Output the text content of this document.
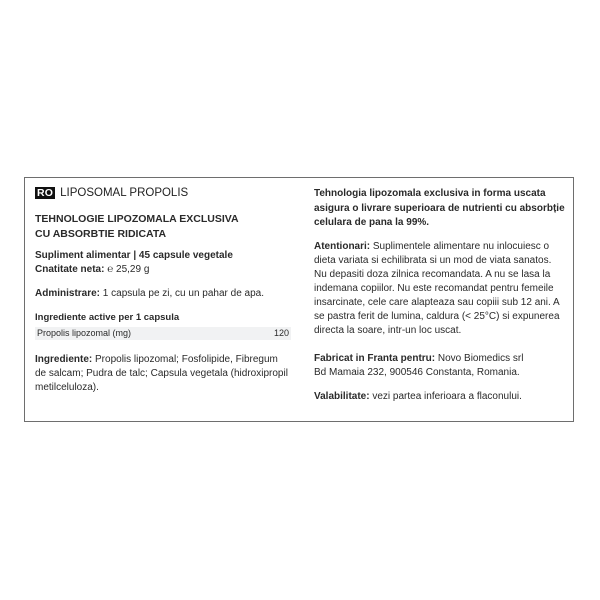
RO LIPOSOMAL PROPOLIS
TEHNOLOGIE LIPOZOMALA EXCLUSIVA
CU ABSORBTIE RIDICATA

Supliment alimentar | 45 capsule vegetale

Cnatitate neta: ℮ 25,29 g

Administrare: 1 capsula pe zi, cu un pahar de apa.

Ingrediente active per 1 capsula
Propolis lipozomal (mg)	120

Ingrediente: Propolis lipozomal; Fosfolipide, Fibregum de salcam; Pudra de talc; Capsula vegetala (hidroxipropil metilceluloza).

Tehnologia lipozomala exclusiva in forma uscata asigura o livrare superioara de nutrienti cu absorbție celulara de pana la 99%.

Atentionari: Suplimentele alimentare nu inlocuiesc o dieta variata si echilibrata si un mod de viata sanatos. Nu depasiti doza zilnica recomandata. A nu se lasa la indemana copiilor. Nu este recomandat pentru femeile insarcinate, cele care alapteaza sau copiii sub 12 ani. A se pastra ferit de lumina, caldura (< 25°C) si expunerea directa la soare, intr-un loc uscat.

Fabricat in Franta pentru: Novo Biomedics srl

Bd Mamaia 232, 900546 Constanta, Romania.

Valabilitate: vezi partea inferioara a flaconului.
